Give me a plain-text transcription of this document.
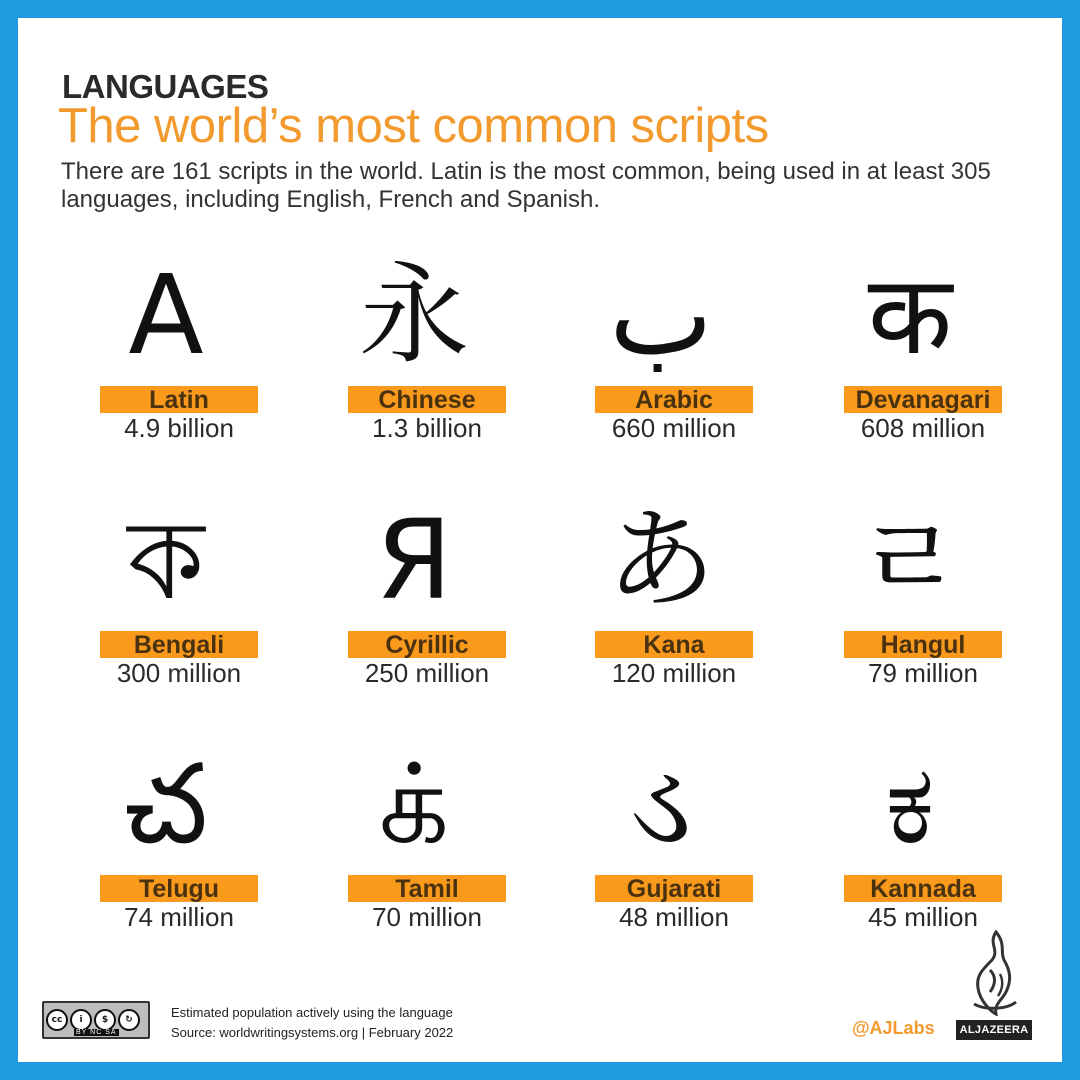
LANGUAGES
The world’s most common scripts
There are 161 scripts in the world. Latin is the most common, being used in at least 305 languages, including English, French and Spanish.
A
Latin
4.9 billion
永
Chinese
1.3 billion
ب
Arabic
660 million
क
Devanagari
608 million
ক
Bengali
300 million
Я
Cyrillic
250 million
あ
Kana
120 million
ㄹ
Hangul
79 million
చ
Telugu
74 million
க்
Tamil
70 million
ડ
Gujarati
48 million
ಕ
Kannada
45 million
cc	i	$	↻
BY NC SA
Estimated population actively using the language
Source: worldwritingsystems.org | February 2022	@AJLabs	ALJAZEERA
